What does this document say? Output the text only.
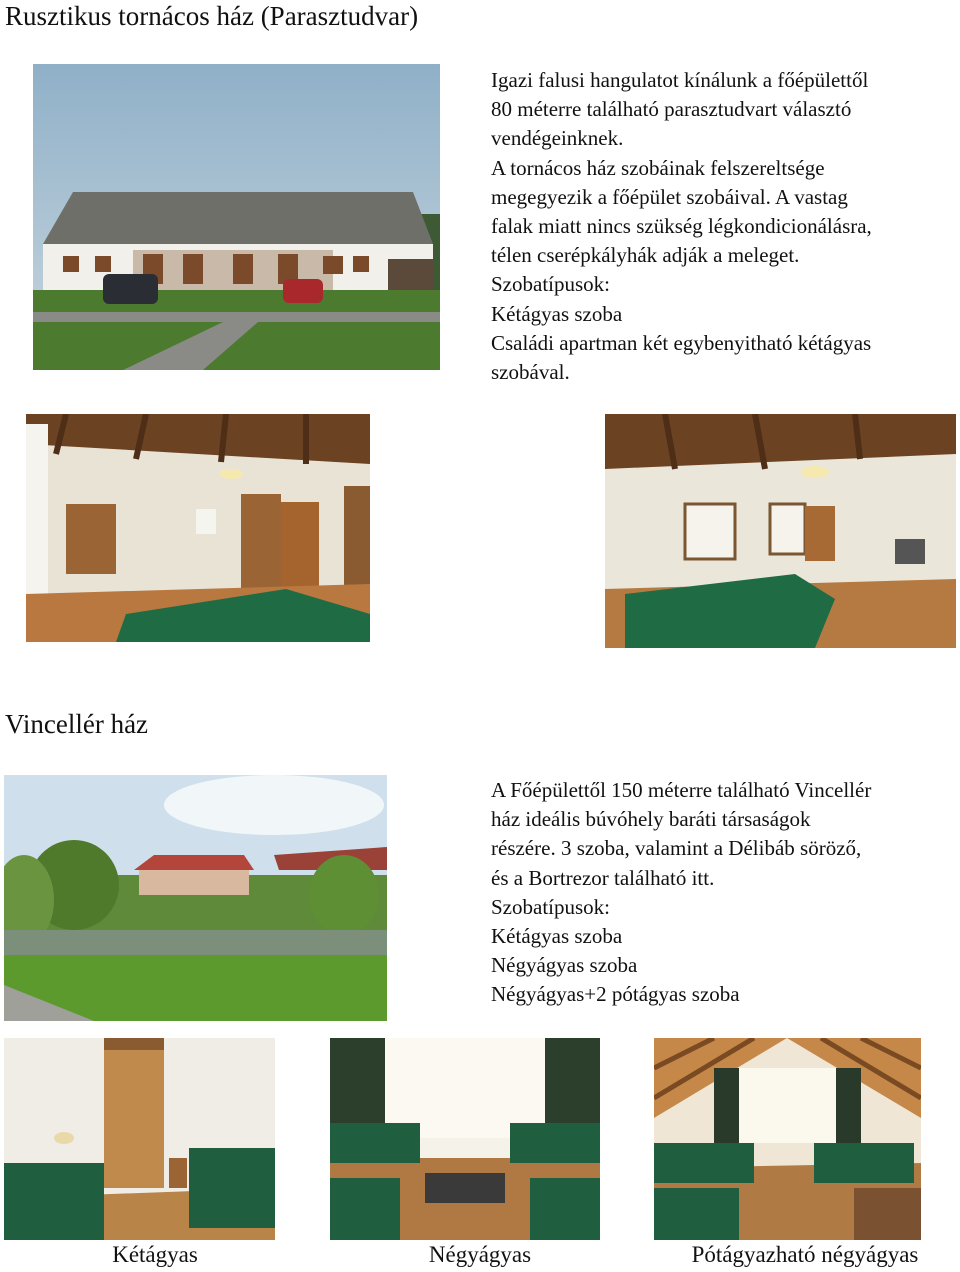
Rusztikus tornácos ház (Parasztudvar)
Igazi falusi hangulatot kínálunk a főépülettől
80 méterre található parasztudvart választó
vendégeinknek.
A tornácos ház szobáinak felszereltsége
megegyezik a főépület szobáival. A vastag
falak miatt nincs szükség légkondicionálásra,
télen cserépkályhák adják a meleget.
Szobatípusok:
Kétágyas szoba
Családi apartman két egybenyitható kétágyas
szobával.
Vincellér ház
A Főépülettől 150 méterre található Vincellér
ház ideális búvóhely baráti társaságok
részére. 3 szoba, valamint a Délibáb söröző,
és a Bortrezor található itt.
Szobatípusok:
Kétágyas szoba
Négyágyas szoba
Négyágyas+2 pótágyas szoba
Kétágyas	Négyágyas	Pótágyazható négyágyas
